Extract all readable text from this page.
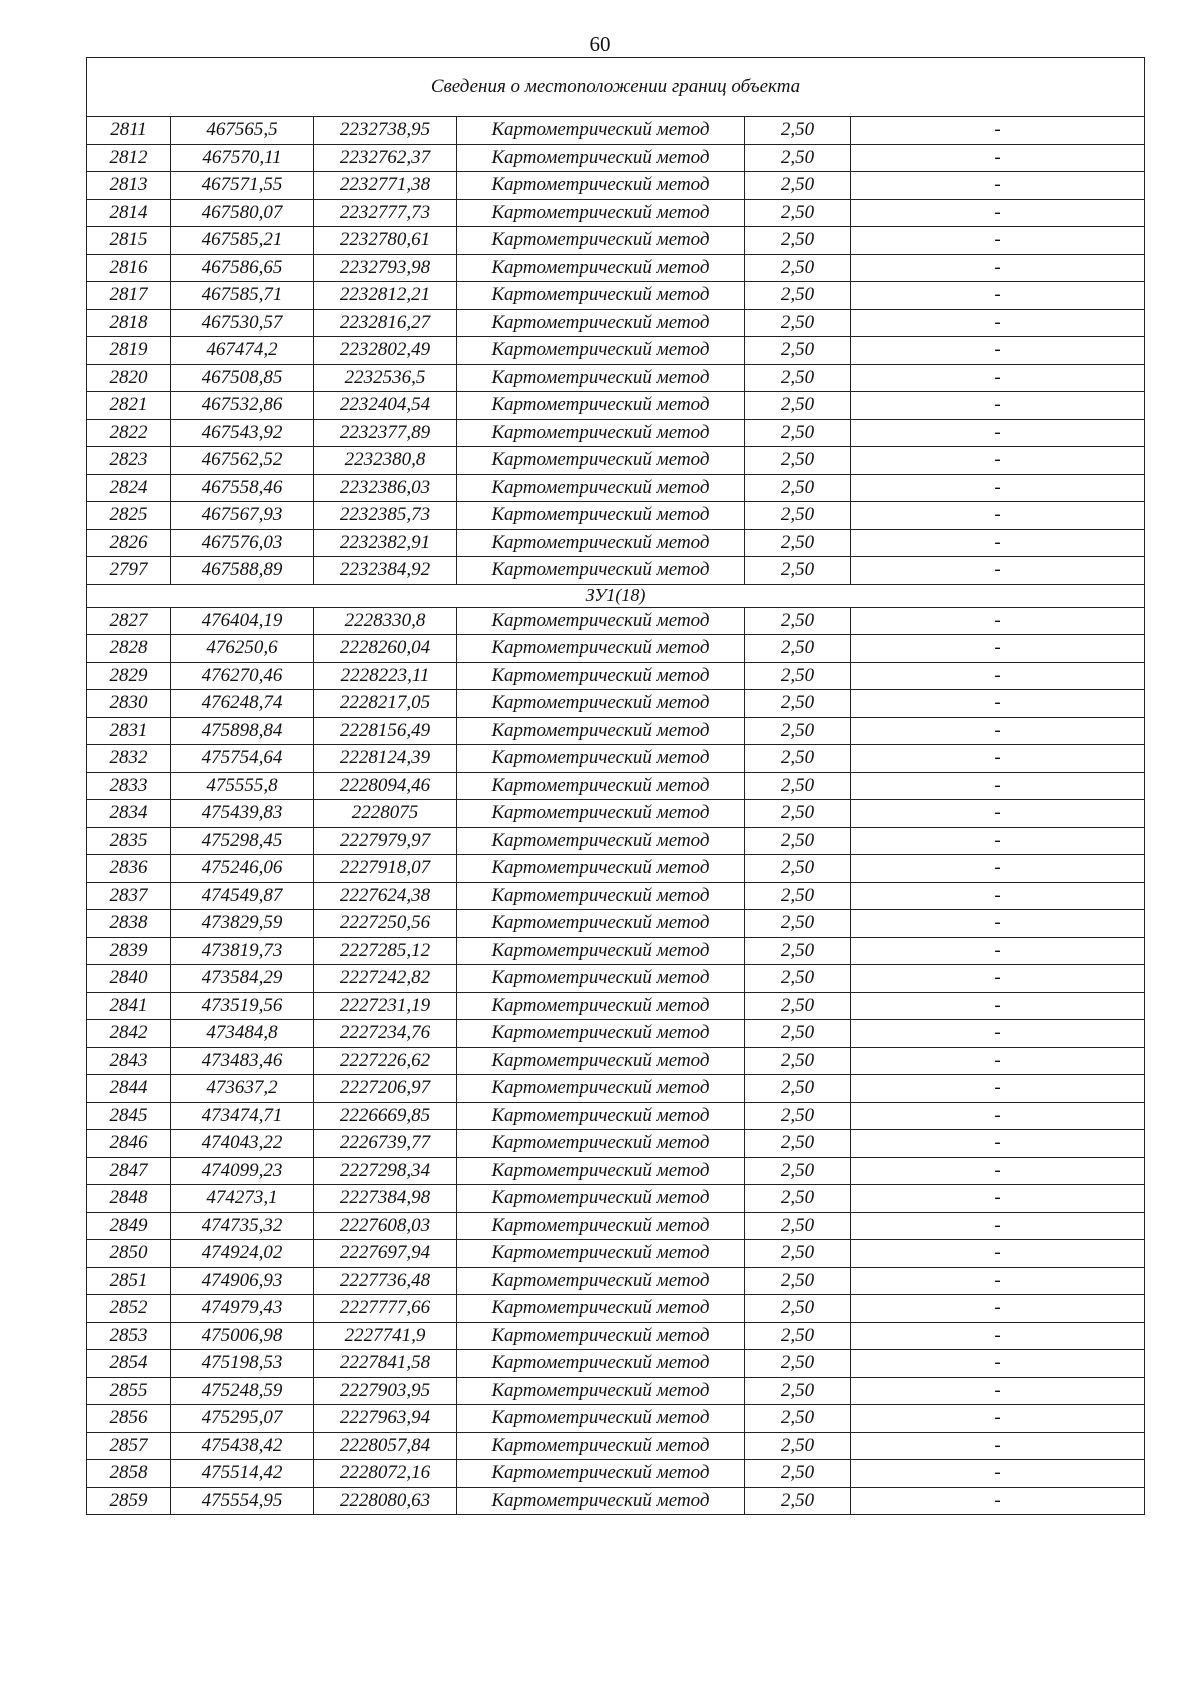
60
Сведения о местоположении границ объекта					
2811	467565,5	2232738,95	Картометрический метод	2,50	-
2812	467570,11	2232762,37	Картометрический метод	2,50	-
2813	467571,55	2232771,38	Картометрический метод	2,50	-
2814	467580,07	2232777,73	Картометрический метод	2,50	-
2815	467585,21	2232780,61	Картометрический метод	2,50	-
2816	467586,65	2232793,98	Картометрический метод	2,50	-
2817	467585,71	2232812,21	Картометрический метод	2,50	-
2818	467530,57	2232816,27	Картометрический метод	2,50	-
2819	467474,2	2232802,49	Картометрический метод	2,50	-
2820	467508,85	2232536,5	Картометрический метод	2,50	-
2821	467532,86	2232404,54	Картометрический метод	2,50	-
2822	467543,92	2232377,89	Картометрический метод	2,50	-
2823	467562,52	2232380,8	Картометрический метод	2,50	-
2824	467558,46	2232386,03	Картометрический метод	2,50	-
2825	467567,93	2232385,73	Картометрический метод	2,50	-
2826	467576,03	2232382,91	Картометрический метод	2,50	-
2797	467588,89	2232384,92	Картометрический метод	2,50	-
ЗУ1(18)					
2827	476404,19	2228330,8	Картометрический метод	2,50	-
2828	476250,6	2228260,04	Картометрический метод	2,50	-
2829	476270,46	2228223,11	Картометрический метод	2,50	-
2830	476248,74	2228217,05	Картометрический метод	2,50	-
2831	475898,84	2228156,49	Картометрический метод	2,50	-
2832	475754,64	2228124,39	Картометрический метод	2,50	-
2833	475555,8	2228094,46	Картометрический метод	2,50	-
2834	475439,83	2228075	Картометрический метод	2,50	-
2835	475298,45	2227979,97	Картометрический метод	2,50	-
2836	475246,06	2227918,07	Картометрический метод	2,50	-
2837	474549,87	2227624,38	Картометрический метод	2,50	-
2838	473829,59	2227250,56	Картометрический метод	2,50	-
2839	473819,73	2227285,12	Картометрический метод	2,50	-
2840	473584,29	2227242,82	Картометрический метод	2,50	-
2841	473519,56	2227231,19	Картометрический метод	2,50	-
2842	473484,8	2227234,76	Картометрический метод	2,50	-
2843	473483,46	2227226,62	Картометрический метод	2,50	-
2844	473637,2	2227206,97	Картометрический метод	2,50	-
2845	473474,71	2226669,85	Картометрический метод	2,50	-
2846	474043,22	2226739,77	Картометрический метод	2,50	-
2847	474099,23	2227298,34	Картометрический метод	2,50	-
2848	474273,1	2227384,98	Картометрический метод	2,50	-
2849	474735,32	2227608,03	Картометрический метод	2,50	-
2850	474924,02	2227697,94	Картометрический метод	2,50	-
2851	474906,93	2227736,48	Картометрический метод	2,50	-
2852	474979,43	2227777,66	Картометрический метод	2,50	-
2853	475006,98	2227741,9	Картометрический метод	2,50	-
2854	475198,53	2227841,58	Картометрический метод	2,50	-
2855	475248,59	2227903,95	Картометрический метод	2,50	-
2856	475295,07	2227963,94	Картометрический метод	2,50	-
2857	475438,42	2228057,84	Картометрический метод	2,50	-
2858	475514,42	2228072,16	Картометрический метод	2,50	-
2859	475554,95	2228080,63	Картометрический метод	2,50	-
